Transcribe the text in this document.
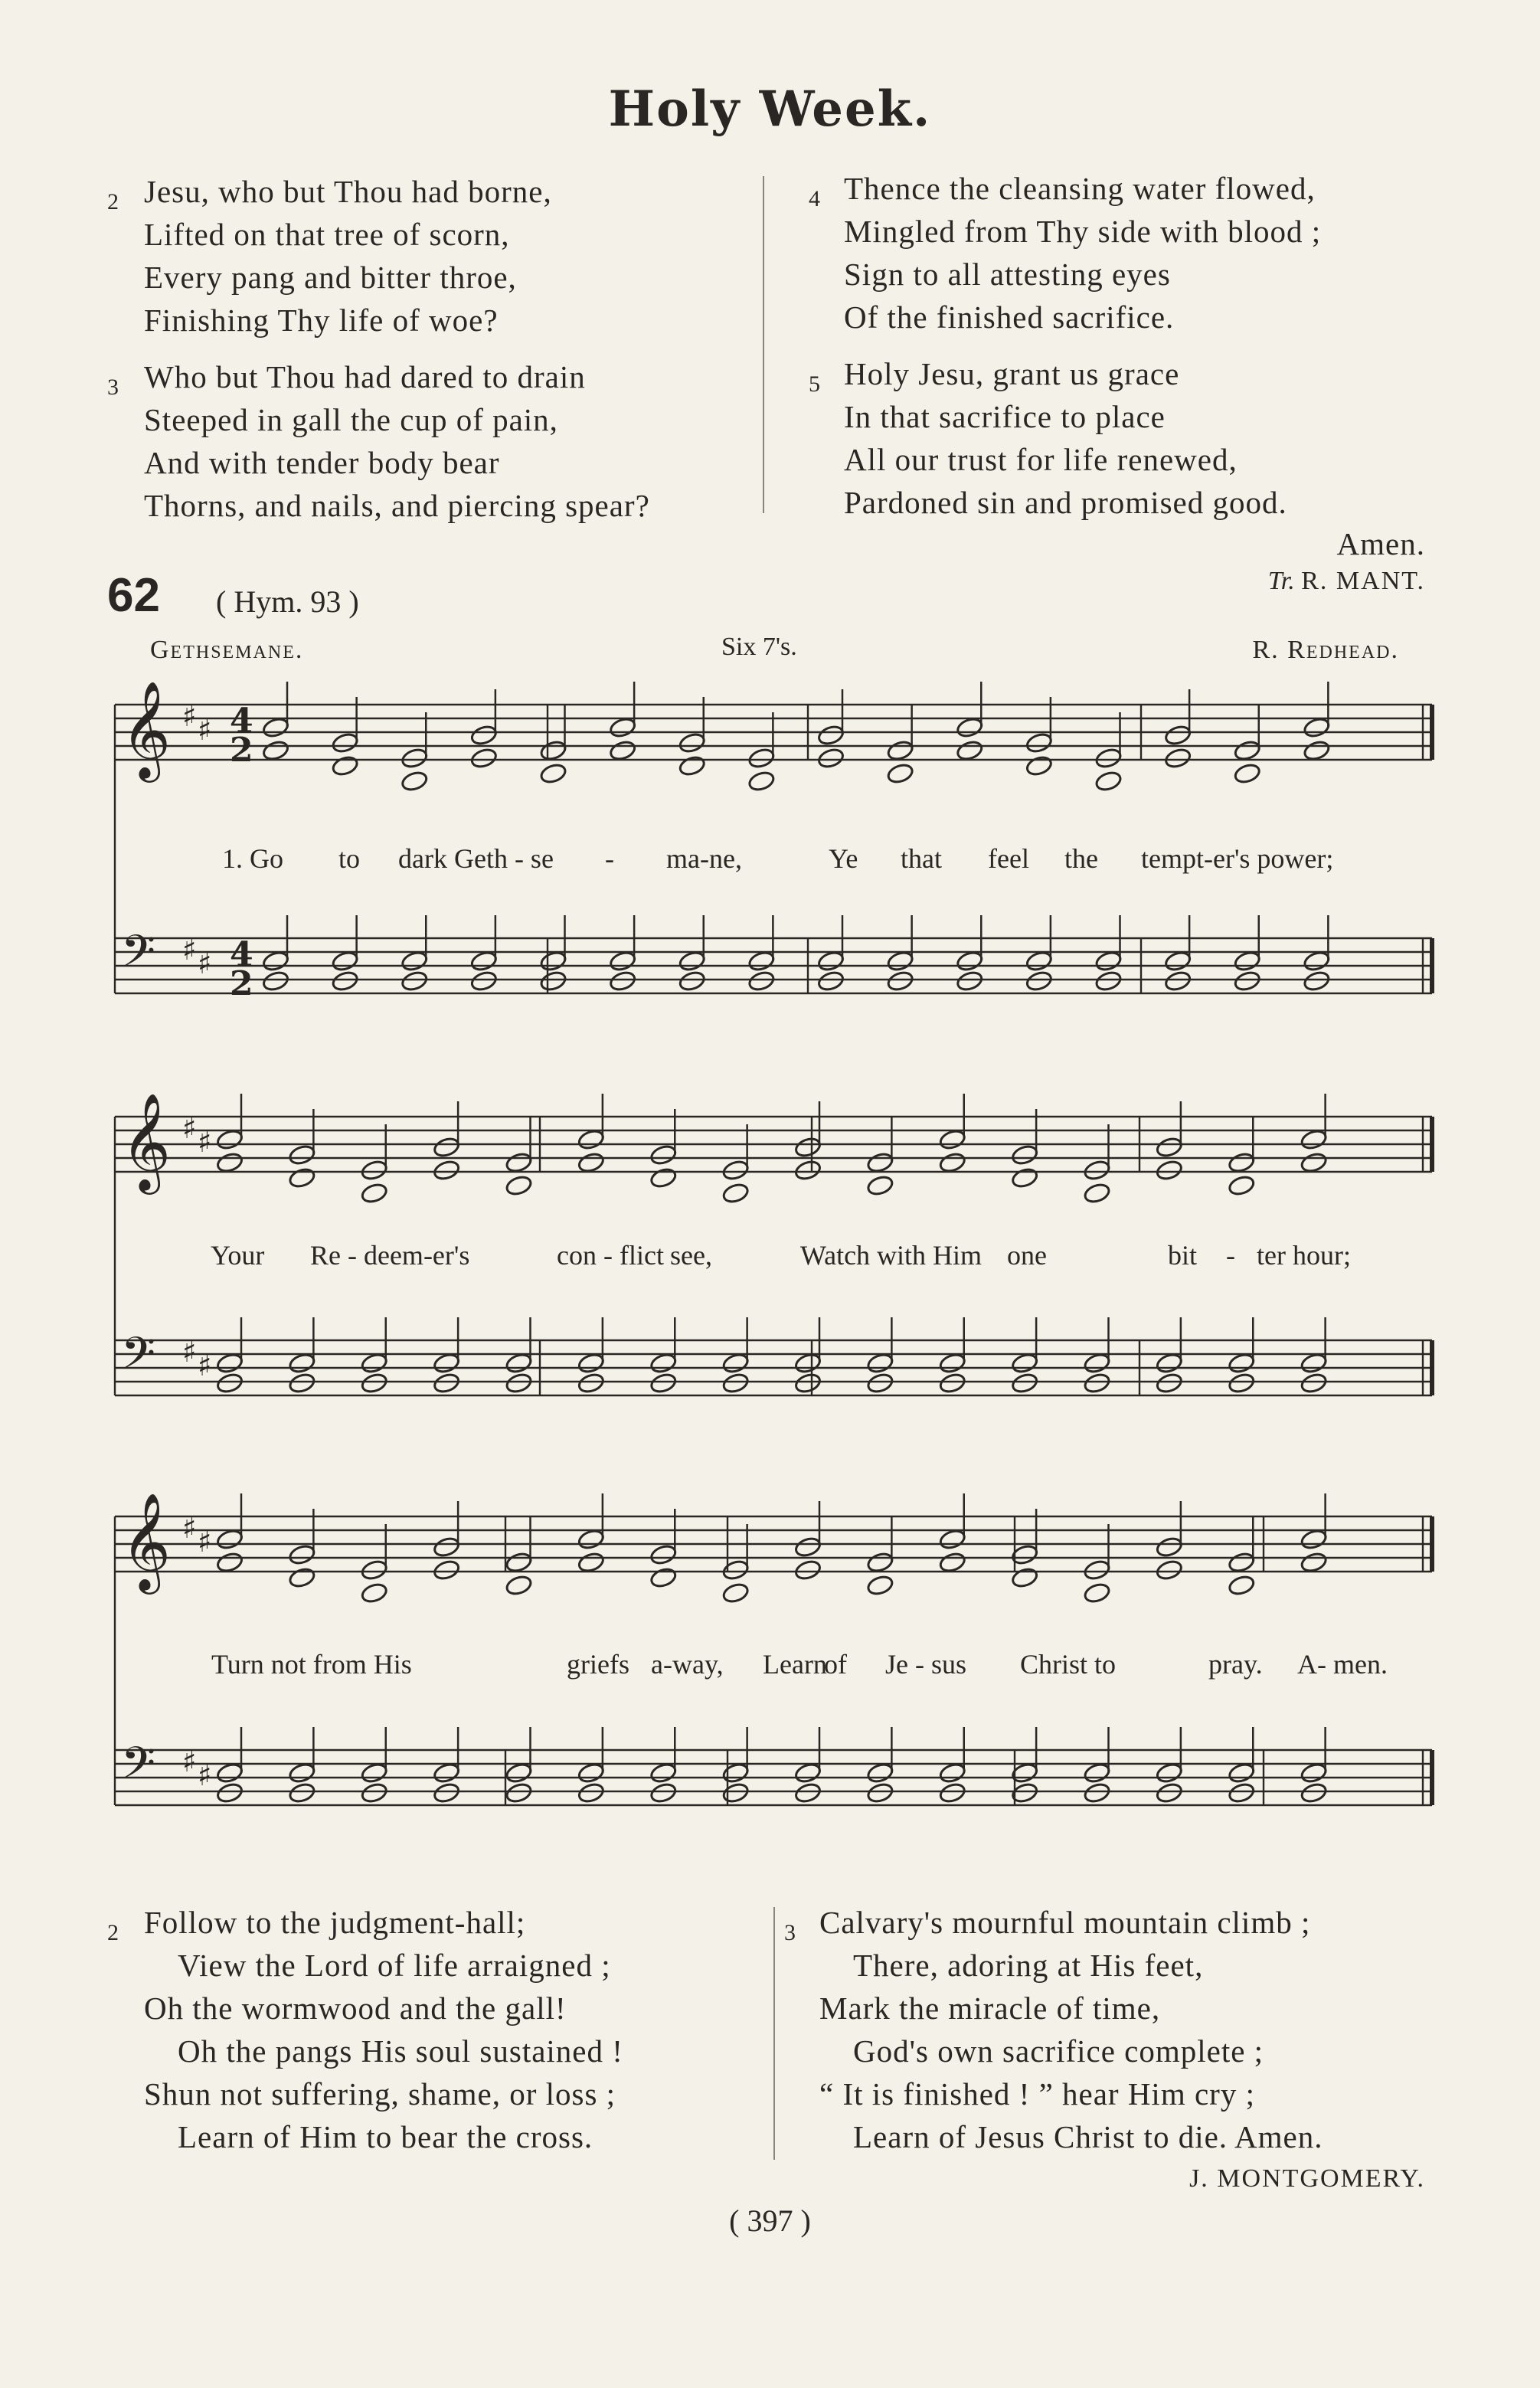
Holy Week.
2 Jesu, who but Thou had borne,
Lifted on that tree of scorn,
Every pang and bitter throe,
Finishing Thy life of woe?
3 Who but Thou had dared to drain
Steeped in gall the cup of pain,
And with tender body bear
Thorns, and nails, and piercing spear?
4 Thence the cleansing water flowed,
Mingled from Thy side with blood ;
Sign to all attesting eyes
Of the finished sacrifice.
5 Holy Jesu, grant us grace
In that sacrifice to place
All our trust for life renewed,
Pardoned sin and promised good.
Amen.
Tr. R. MANT.
62 ( Hym. 93 )
Gethsemane.	Six 7's.	R. Redhead.
𝄞 ♯ ♯ 4
2
𝄢 ♯ ♯ 4
2
𝄞 ♯ ♯
𝄢 ♯ ♯
𝄞 ♯ ♯
𝄢 ♯ ♯
1. Go to dark Geth - se - ma-ne,	Ye that feel the tempt-er's power;
Your Re - deem-er's	con - flict see,	Watch with Him one	bit - ter hour;
Turn not from His	griefs a-way, Learn
of Je - sus Christ to	pray. A- men.
2 Follow to the judgment-hall;
View the Lord of life arraigned ;
Oh the wormwood and the gall!
Oh the pangs His soul sustained !
Shun not suffering, shame, or loss ;
Learn of Him to bear the cross.
3 Calvary's mournful mountain climb ;
There, adoring at His feet,
Mark the miracle of time,
God's own sacrifice complete ;
“ It is finished ! ” hear Him cry ;
Learn of Jesus Christ to die. Amen.
J. MONTGOMERY.
( 397 )
